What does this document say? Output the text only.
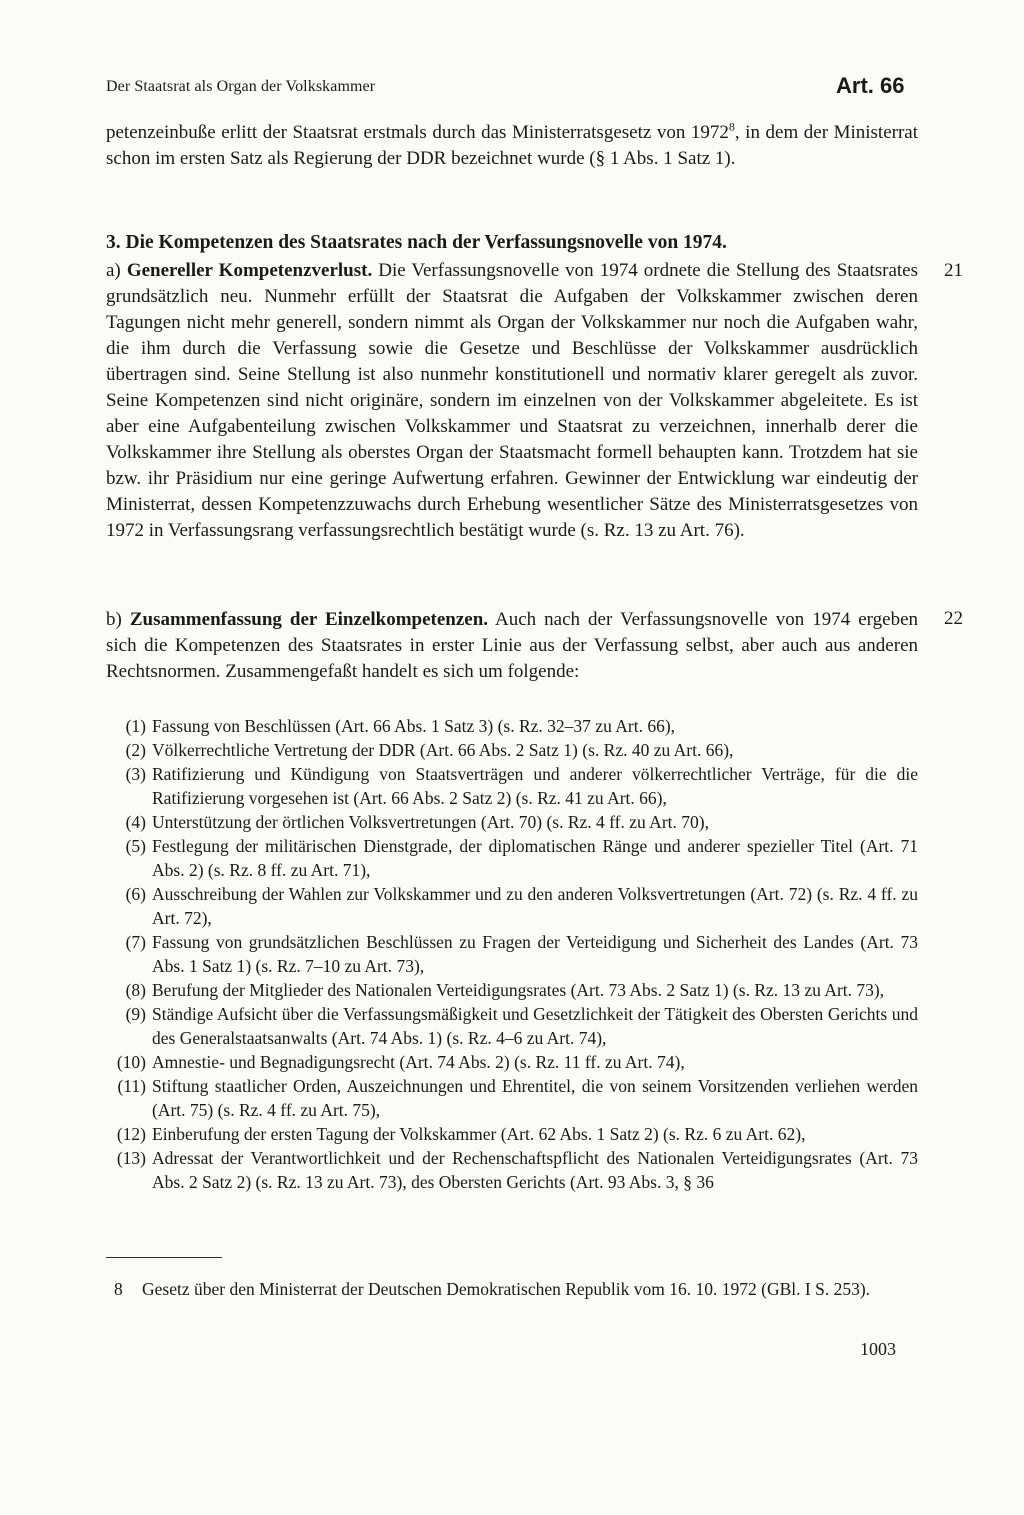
Der Staatsrat als Organ der Volkskammer	Art. 66
petenzeinbuße erlitt der Staatsrat erstmals durch das Ministerratsgesetz von 1972$^8$, in dem der Ministerrat schon im ersten Satz als Regierung der DDR bezeichnet wurde (§ 1 Abs. 1 Satz 1).
3. Die Kompetenzen des Staatsrates nach der Verfassungsnovelle von 1974.
21
a) Genereller Kompetenzverlust. Die Verfassungsnovelle von 1974 ordnete die Stellung des Staatsrates grundsätzlich neu. Nunmehr erfüllt der Staatsrat die Aufgaben der Volkskammer zwischen deren Tagungen nicht mehr generell, sondern nimmt als Organ der Volkskammer nur noch die Aufgaben wahr, die ihm durch die Verfassung sowie die Gesetze und Beschlüsse der Volkskammer ausdrücklich übertragen sind. Seine Stellung ist also nunmehr konstitutionell und normativ klarer geregelt als zuvor. Seine Kompetenzen sind nicht originäre, sondern im einzelnen von der Volkskammer abgeleitete. Es ist aber eine Aufgabenteilung zwischen Volkskammer und Staatsrat zu verzeichnen, innerhalb derer die Volkskammer ihre Stellung als oberstes Organ der Staatsmacht formell behaupten kann. Trotzdem hat sie bzw. ihr Präsidium nur eine geringe Aufwertung erfahren. Gewinner der Entwicklung war eindeutig der Ministerrat, dessen Kompetenzzuwachs durch Erhebung wesentlicher Sätze des Ministerratsgesetzes von 1972 in Verfassungsrang verfassungsrechtlich bestätigt wurde (s. Rz. 13 zu Art. 76).
22
b) Zusammenfassung der Einzelkompetenzen. Auch nach der Verfassungsnovelle von 1974 ergeben sich die Kompetenzen des Staatsrates in erster Linie aus der Verfassung selbst, aber auch aus anderen Rechtsnormen. Zusammengefaßt handelt es sich um folgende:
(1) Fassung von Beschlüssen (Art. 66 Abs. 1 Satz 3) (s. Rz. 32–37 zu Art. 66),
(2) Völkerrechtliche Vertretung der DDR (Art. 66 Abs. 2 Satz 1) (s. Rz. 40 zu Art. 66),
(3) Ratifizierung und Kündigung von Staatsverträgen und anderer völkerrechtlicher Verträge, für die die Ratifizierung vorgesehen ist (Art. 66 Abs. 2 Satz 2) (s. Rz. 41 zu Art. 66),
(4) Unterstützung der örtlichen Volksvertretungen (Art. 70) (s. Rz. 4 ff. zu Art. 70),
(5) Festlegung der militärischen Dienstgrade, der diplomatischen Ränge und anderer spezieller Titel (Art. 71 Abs. 2) (s. Rz. 8 ff. zu Art. 71),
(6) Ausschreibung der Wahlen zur Volkskammer und zu den anderen Volksvertretungen (Art. 72) (s. Rz. 4 ff. zu Art. 72),
(7) Fassung von grundsätzlichen Beschlüssen zu Fragen der Verteidigung und Sicherheit des Landes (Art. 73 Abs. 1 Satz 1) (s. Rz. 7–10 zu Art. 73),
(8) Berufung der Mitglieder des Nationalen Verteidigungsrates (Art. 73 Abs. 2 Satz 1) (s. Rz. 13 zu Art. 73),
(9) Ständige Aufsicht über die Verfassungsmäßigkeit und Gesetzlichkeit der Tätigkeit des Obersten Gerichts und des Generalstaatsanwalts (Art. 74 Abs. 1) (s. Rz. 4–6 zu Art. 74),
(10) Amnestie- und Begnadigungsrecht (Art. 74 Abs. 2) (s. Rz. 11 ff. zu Art. 74),
(11) Stiftung staatlicher Orden, Auszeichnungen und Ehrentitel, die von seinem Vorsitzenden verliehen werden (Art. 75) (s. Rz. 4 ff. zu Art. 75),
(12) Einberufung der ersten Tagung der Volkskammer (Art. 62 Abs. 1 Satz 2) (s. Rz. 6 zu Art. 62),
(13) Adressat der Verantwortlichkeit und der Rechenschaftspflicht des Nationalen Verteidigungsrates (Art. 73 Abs. 2 Satz 2) (s. Rz. 13 zu Art. 73), des Obersten Gerichts (Art. 93 Abs. 3, § 36
8	Gesetz über den Ministerrat der Deutschen Demokratischen Republik vom 16. 10. 1972 (GBl. I S. 253).
1003
